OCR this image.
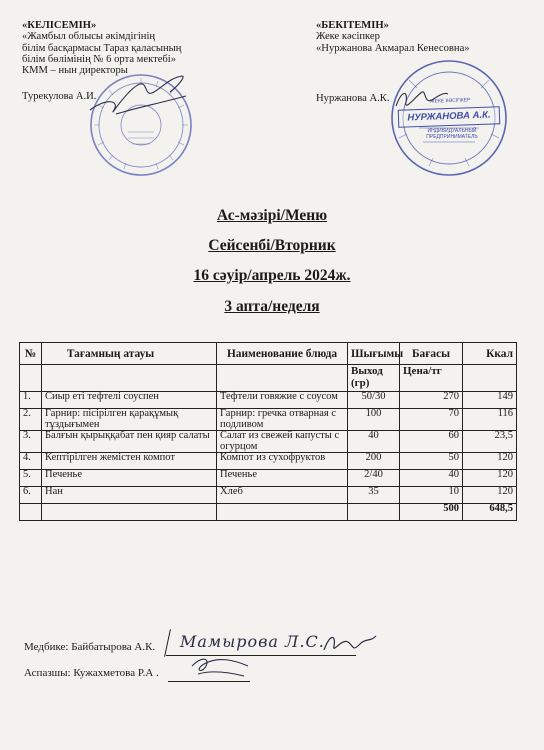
НУРЖАНОВА А.К.
ЖЕКЕ КӘСІПКЕР
ИНДИВИДУАЛЬНЫЙ ПРЕДПРИНИМАТЕЛЬ
«КЕЛІСЕМІН»
«Жамбыл облысы әкімдігінің
білім басқармасы Тараз қаласының
білім бөлімінің № 6 орта мектебі»
КММ – нын директоры
Турекулова А.И.
«БЕКІТЕМІН»
Жеке кәсіпкер
«Нуржанова Акмарал Кенесовна»
Нуржанова А.К.
Ас-мәзірі/Меню
Сейсенбі/Вторник
16 сәуір/апрель 2024ж.
3 апта/неделя
№	Тағамның атауы	Наименование блюда	Шығымы	Бағасы	Ккал
			Выход (гр)	Цена/тг	
1.	Сиыр еті тефтелі соуспен	Тефтели говяжие с соусом	50/30	270	149
2.	Гарнир: пісірілген қарақұмық тұздығымен	Гарнир: гречка отварная с подливом	100	70	116
3.	Балғын қырыққабат пен қияр салаты	Салат из свежей капусты с огурцом	40	60	23,5
4.	Кептірілген жемістен компот	Компот из сухофруктов	200	50	120
5.	Печенье	Печенье	2/40	40	120
6.	Нан	Хлеб	35	10	120
				500	648,5
Медбике: Байбатырова А.К. Мамырова Л.С.
Аспазшы: Кужахметова Р.А .
